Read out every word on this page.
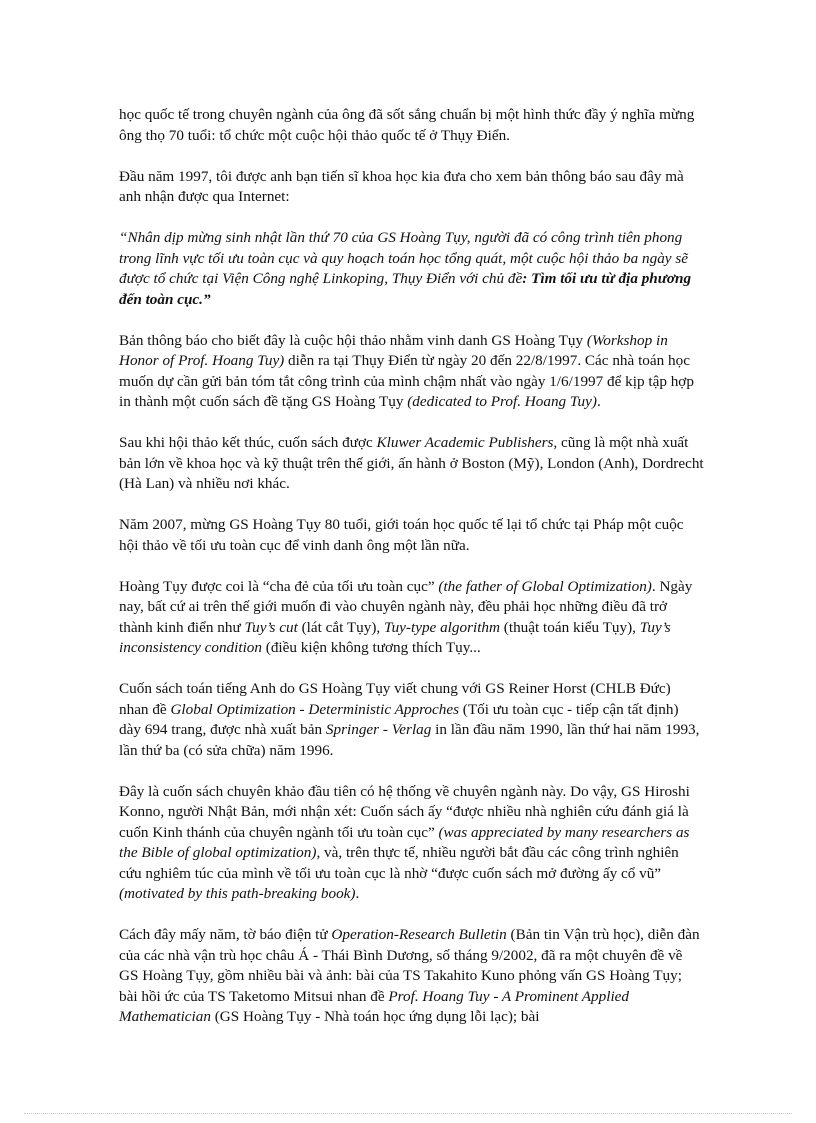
học quốc tế trong chuyên ngành của ông đã sốt sắng chuẩn bị một hình thức đầy ý nghĩa mừng ông thọ 70 tuổi: tổ chức một cuộc hội thảo quốc tế ở Thụy Điển.

Đầu năm 1997, tôi được anh bạn tiến sĩ khoa học kia đưa cho xem bản thông báo sau đây mà anh nhận được qua Internet:

“Nhân dịp mừng sinh nhật lần thứ 70 của GS Hoàng Tụy, người đã có công trình tiên phong trong lĩnh vực tối ưu toàn cục và quy hoạch toán học tổng quát, một cuộc hội thảo ba ngày sẽ được tổ chức tại Viện Công nghệ Linkoping, Thụy Điển với chủ đề: Tìm tối ưu từ địa phương đến toàn cục.”

Bản thông báo cho biết đây là cuộc hội thảo nhằm vinh danh GS Hoàng Tụy (Workshop in Honor of Prof. Hoang Tuy) diễn ra tại Thụy Điển từ ngày 20 đến 22/8/1997. Các nhà toán học muốn dự cần gửi bản tóm tắt công trình của mình chậm nhất vào ngày 1/6/1997 để kịp tập hợp in thành một cuốn sách đề tặng GS Hoàng Tụy (dedicated to Prof. Hoang Tuy).

Sau khi hội thảo kết thúc, cuốn sách được Kluwer Academic Publishers, cũng là một nhà xuất bản lớn về khoa học và kỹ thuật trên thế giới, ấn hành ở Boston (Mỹ), London (Anh), Dordrecht (Hà Lan) và nhiều nơi khác.

Năm 2007, mừng GS Hoàng Tụy 80 tuổi, giới toán học quốc tế lại tổ chức tại Pháp một cuộc hội thảo về tối ưu toàn cục để vinh danh ông một lần nữa.

Hoàng Tụy được coi là “cha đẻ của tối ưu toàn cục” (the father of Global Optimization). Ngày nay, bất cứ ai trên thế giới muốn đi vào chuyên ngành này, đều phải học những điều đã trở thành kinh điển như Tuy’s cut (lát cắt Tụy), Tuy-type algorithm (thuật toán kiểu Tụy), Tuy’s inconsistency condition (điều kiện không tương thích Tụy...

Cuốn sách toán tiếng Anh do GS Hoàng Tụy viết chung với GS Reiner Horst (CHLB Đức) nhan đề Global Optimization - Deterministic Approches (Tối ưu toàn cục - tiếp cận tất định) dày 694 trang, được nhà xuất bản Springer - Verlag in lần đầu năm 1990, lần thứ hai năm 1993, lần thứ ba (có sửa chữa) năm 1996.

Đây là cuốn sách chuyên khảo đầu tiên có hệ thống về chuyên ngành này. Do vậy, GS Hiroshi Konno, người Nhật Bản, mới nhận xét: Cuốn sách ấy “được nhiều nhà nghiên cứu đánh giá là cuốn Kinh thánh của chuyên ngành tối ưu toàn cục” (was appreciated by many researchers as the Bible of global optimization), và, trên thực tế, nhiều người bắt đầu các công trình nghiên cứu nghiêm túc của mình về tối ưu toàn cục là nhờ “được cuốn sách mở đường ấy cổ vũ” (motivated by this path-breaking book).

Cách đây mấy năm, tờ báo điện tử Operation-Research Bulletin (Bản tin Vận trù học), diễn đàn của các nhà vận trù học châu Á - Thái Bình Dương, số tháng 9/2002, đã ra một chuyên đề về GS Hoàng Tụy, gồm nhiều bài và ảnh: bài của TS Takahito Kuno phỏng vấn GS Hoàng Tụy; bài hồi ức của TS Taketomo Mitsui nhan đề Prof. Hoang Tuy - A Prominent Applied Mathematician (GS Hoàng Tụy - Nhà toán học ứng dụng lỗi lạc); bài
